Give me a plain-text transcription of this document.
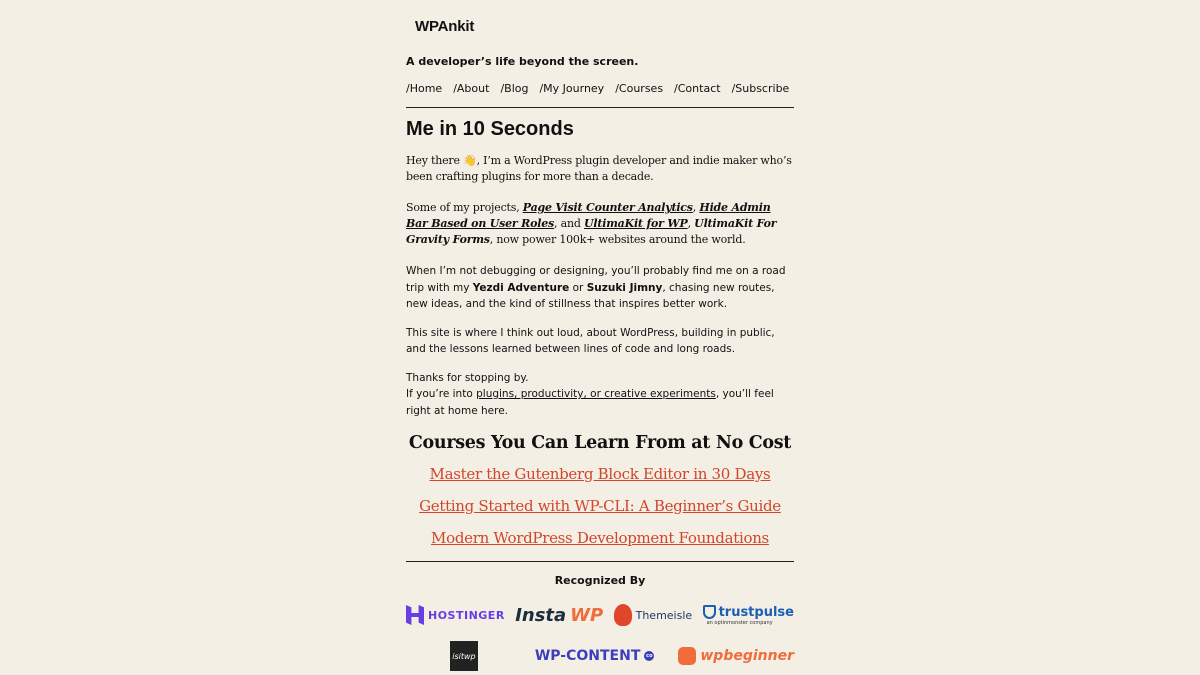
WPAnkit
A developer’s life beyond the screen.
/Home /About /Blog /My Journey /Courses /Contact /Subscribe
Me in 10 Seconds

Hey there 👋, I’m a WordPress plugin developer and indie maker who’s been crafting plugins for more than a decade.

Some of my projects, Page Visit Counter Analytics, Hide Admin Bar Based on User Roles, and UltimaKit for WP, UltimaKit For Gravity Forms, now power 100k+ websites around the world.

When I’m not debugging or designing, you’ll probably find me on a road trip with my Yezdi Adventure or Suzuki Jimny, chasing new routes, new ideas, and the kind of stillness that inspires better work.

This site is where I think out loud, about WordPress, building in public, and the lessons learned between lines of code and long roads.

Thanks for stopping by.
If you’re into plugins, productivity, or creative experiments, you’ll feel right at home here.

Courses You Can Learn From at No Cost
Master the Gutenberg Block Editor in 30 Days
Getting Started with WP-CLI: A Beginner’s Guide
Modern WordPress Development Foundations
Recognized By
HOSTINGER Insta WP	Themeisle trustpulse
an optinmonster company
isitwp	WP-CONTENT	co	wpbeginner
